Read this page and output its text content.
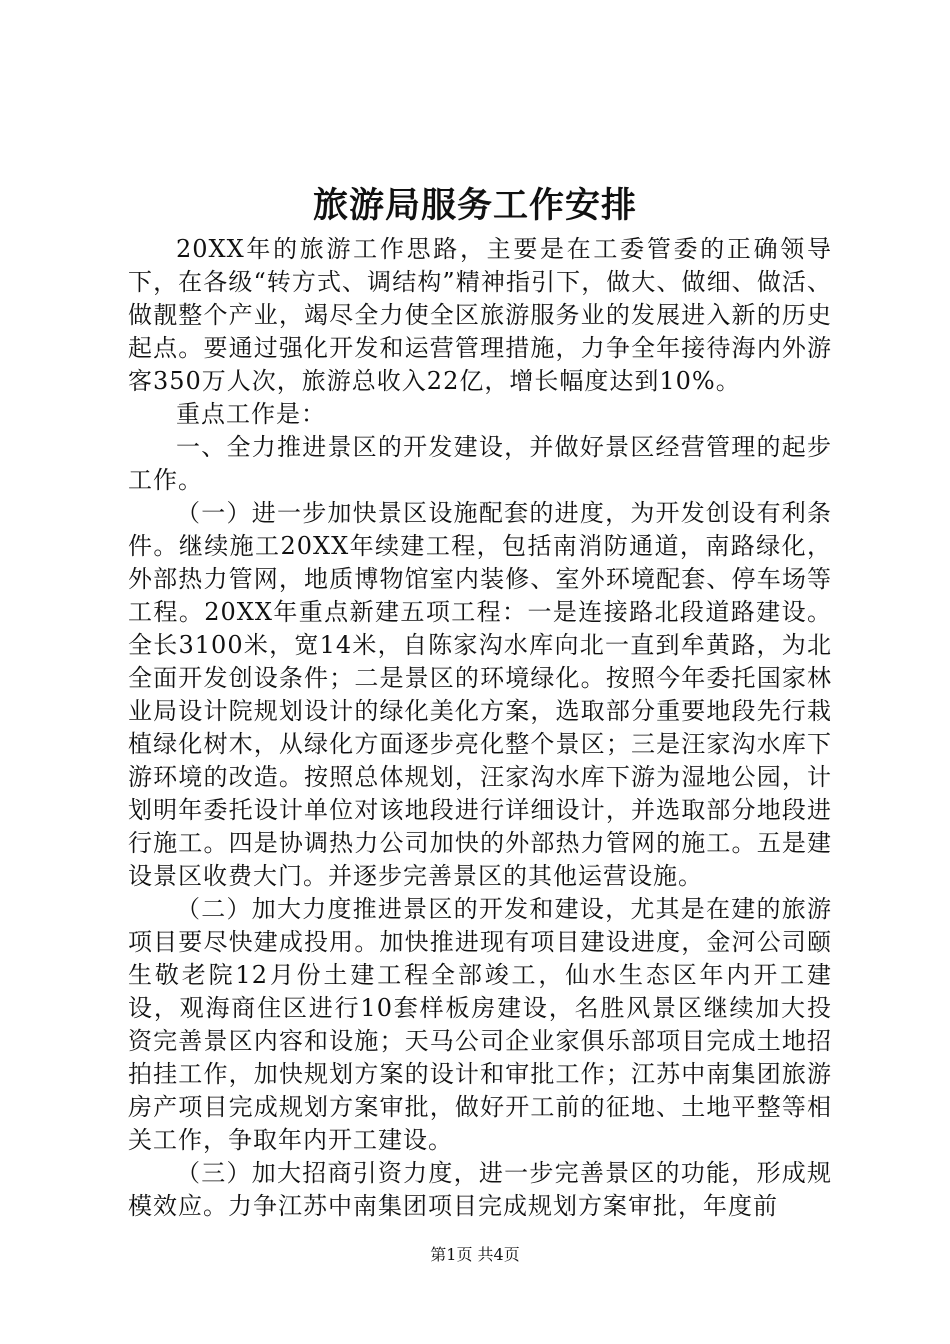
旅游局服务工作安排

20XX年的旅游工作思路，主要是在工委管委的正确领导下，在各级“转方式、调结构”精神指引下，做大、做细、做活、做靓整个产业，竭尽全力使全区旅游服务业的发展进入新的历史起点。要通过强化开发和运营管理措施，力争全年接待海内外游客350万人次，旅游总收入22亿，增长幅度达到10%。

重点工作是：

一、全力推进景区的开发建设，并做好景区经营管理的起步工作。

（一）进一步加快景区设施配套的进度，为开发创设有利条件。继续施工20XX年续建工程，包括南消防通道，南路绿化，外部热力管网，地质博物馆室内装修、室外环境配套、停车场等工程。20XX年重点新建五项工程：一是连接路北段道路建设。全长3100米，宽14米，自陈家沟水库向北一直到牟黄路，为北全面开发创设条件；二是景区的环境绿化。按照今年委托国家林业局设计院规划设计的绿化美化方案，选取部分重要地段先行栽植绿化树木，从绿化方面逐步亮化整个景区；三是汪家沟水库下游环境的改造。按照总体规划，汪家沟水库下游为湿地公园，计划明年委托设计单位对该地段进行详细设计，并选取部分地段进行施工。四是协调热力公司加快的外部热力管网的施工。五是建设景区收费大门。并逐步完善景区的其他运营设施。

（二）加大力度推进景区的开发和建设，尤其是在建的旅游项目要尽快建成投用。加快推进现有项目建设进度，金河公司颐生敬老院12月份土建工程全部竣工，仙水生态区年内开工建设，观海商住区进行10套样板房建设，名胜风景区继续加大投资完善景区内容和设施；天马公司企业家俱乐部项目完成土地招拍挂工作，加快规划方案的设计和审批工作；江苏中南集团旅游房产项目完成规划方案审批，做好开工前的征地、土地平整等相关工作，争取年内开工建设。

（三）加大招商引资力度，进一步完善景区的功能，形成规模效应。力争江苏中南集团项目完成规划方案审批，年度前

第1页 共4页
